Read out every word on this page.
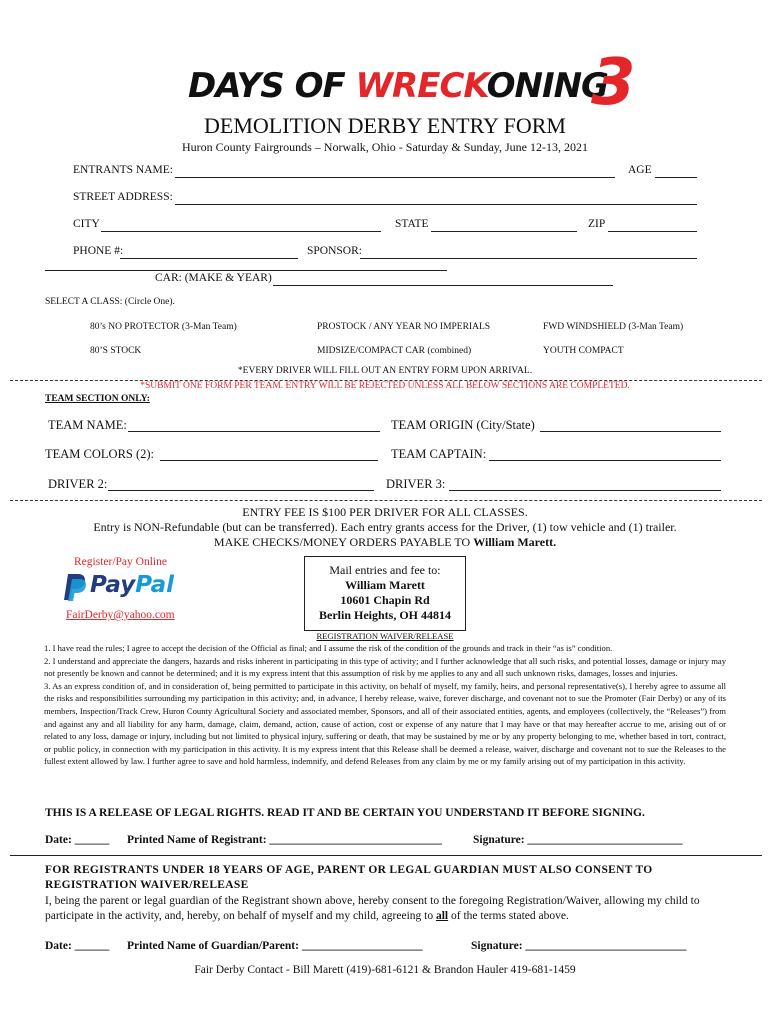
DAYS OF WRECKONING
3
DEMOLITION DERBY ENTRY FORM
Huron County Fairgrounds – Norwalk, Ohio - Saturday & Sunday, June 12-13, 2021
ENTRANTS NAME:	AGE
STREET ADDRESS:
CITY	STATE	ZIP
PHONE #:	SPONSOR:
CAR: (MAKE & YEAR)
SELECT A CLASS: (Circle One).
80’s NO PROTECTOR (3-Man Team)	PROSTOCK / ANY YEAR NO IMPERIALS	FWD WINDSHIELD (3-Man Team)
80’S STOCK	MIDSIZE/COMPACT CAR (combined)	YOUTH COMPACT
*EVERY DRIVER WILL FILL OUT AN ENTRY FORM UPON ARRIVAL.
*SUBMIT ONE FORM PER TEAM. ENTRY WILL BE REJECTED UNLESS ALL BELOW SECTIONS ARE COMPLETED.
TEAM SECTION ONLY:
TEAM NAME:	TEAM ORIGIN (City/State)
TEAM COLORS (2):	TEAM CAPTAIN:
DRIVER 2:	DRIVER 3:
ENTRY FEE IS $100 PER DRIVER FOR ALL CLASSES.
Entry is NON-Refundable (but can be transferred). Each entry grants access for the Driver, (1) tow vehicle and (1) trailer.
MAKE CHECKS/MONEY ORDERS PAYABLE TO William Marett.
Register/Pay Online
PayPal
FairDerby@yahoo.com
Mail entries and fee to:
William Marett
10601 Chapin Rd
Berlin Heights, OH 44814
REGISTRATION WAIVER/RELEASE
1. I have read the rules; I agree to accept the decision of the Official as final; and I assume the risk of the condition of the grounds and track in their “as is” condition.
2. I understand and appreciate the dangers, hazards and risks inherent in participating in this type of activity; and I further acknowledge that all such risks, and potential losses, damage or injury may not presently be known and cannot be determined; and it is my express intent that this assumption of risk by me applies to any and all such unknown risks, damages, losses and injuries.
3. As an express condition of, and in consideration of, being permitted to participate in this activity, on behalf of myself, my family, heirs, and personal representative(s), I hereby agree to assume all the risks and responsibilities surrounding my participation in this activity; and, in advance, I hereby release, waive, forever discharge, and covenant not to sue the Promoter (Fair Derby) or any of its members, Inspection/Track Crew, Huron County Agricultural Society and associated member, Sponsors, and all of their associated entities, agents, and employees (collectively, the “Releases”) from and against any and all liability for any harm, damage, claim, demand, action, cause of action, cost or expense of any nature that I may have or that may hereafter accrue to me, arising out of or related to any loss, damage or injury, including but not limited to physical injury, suffering or death, that may be sustained by me or by any property belonging to me, whether based in tort, contract, or public policy, in connection with my participation in this activity. It is my express intent that this Release shall be deemed a release, waiver, discharge and covenant not to sue the Releases to the fullest extent allowed by law. I further agree to save and hold harmless, indemnify, and defend Releases from any claim by me or my family arising out of my participation in this activity.
THIS IS A RELEASE OF LEGAL RIGHTS. READ IT AND BE CERTAIN YOU UNDERSTAND IT BEFORE SIGNING.
Date: ______ Printed Name of Registrant: ______________________________	Signature: ___________________________
FOR REGISTRANTS UNDER 18 YEARS OF AGE, PARENT OR LEGAL GUARDIAN MUST ALSO CONSENT TO REGISTRATION WAIVER/RELEASE
I, being the parent or legal guardian of the Registrant shown above, hereby consent to the foregoing Registration/Waiver, allowing my child to participate in the activity, and, hereby, on behalf of myself and my child, agreeing to all of the terms stated above.
Date: ______ Printed Name of Guardian/Parent: _____________________	Signature: ____________________________
Fair Derby Contact - Bill Marett (419)-681-6121 & Brandon Hauler 419-681-1459
